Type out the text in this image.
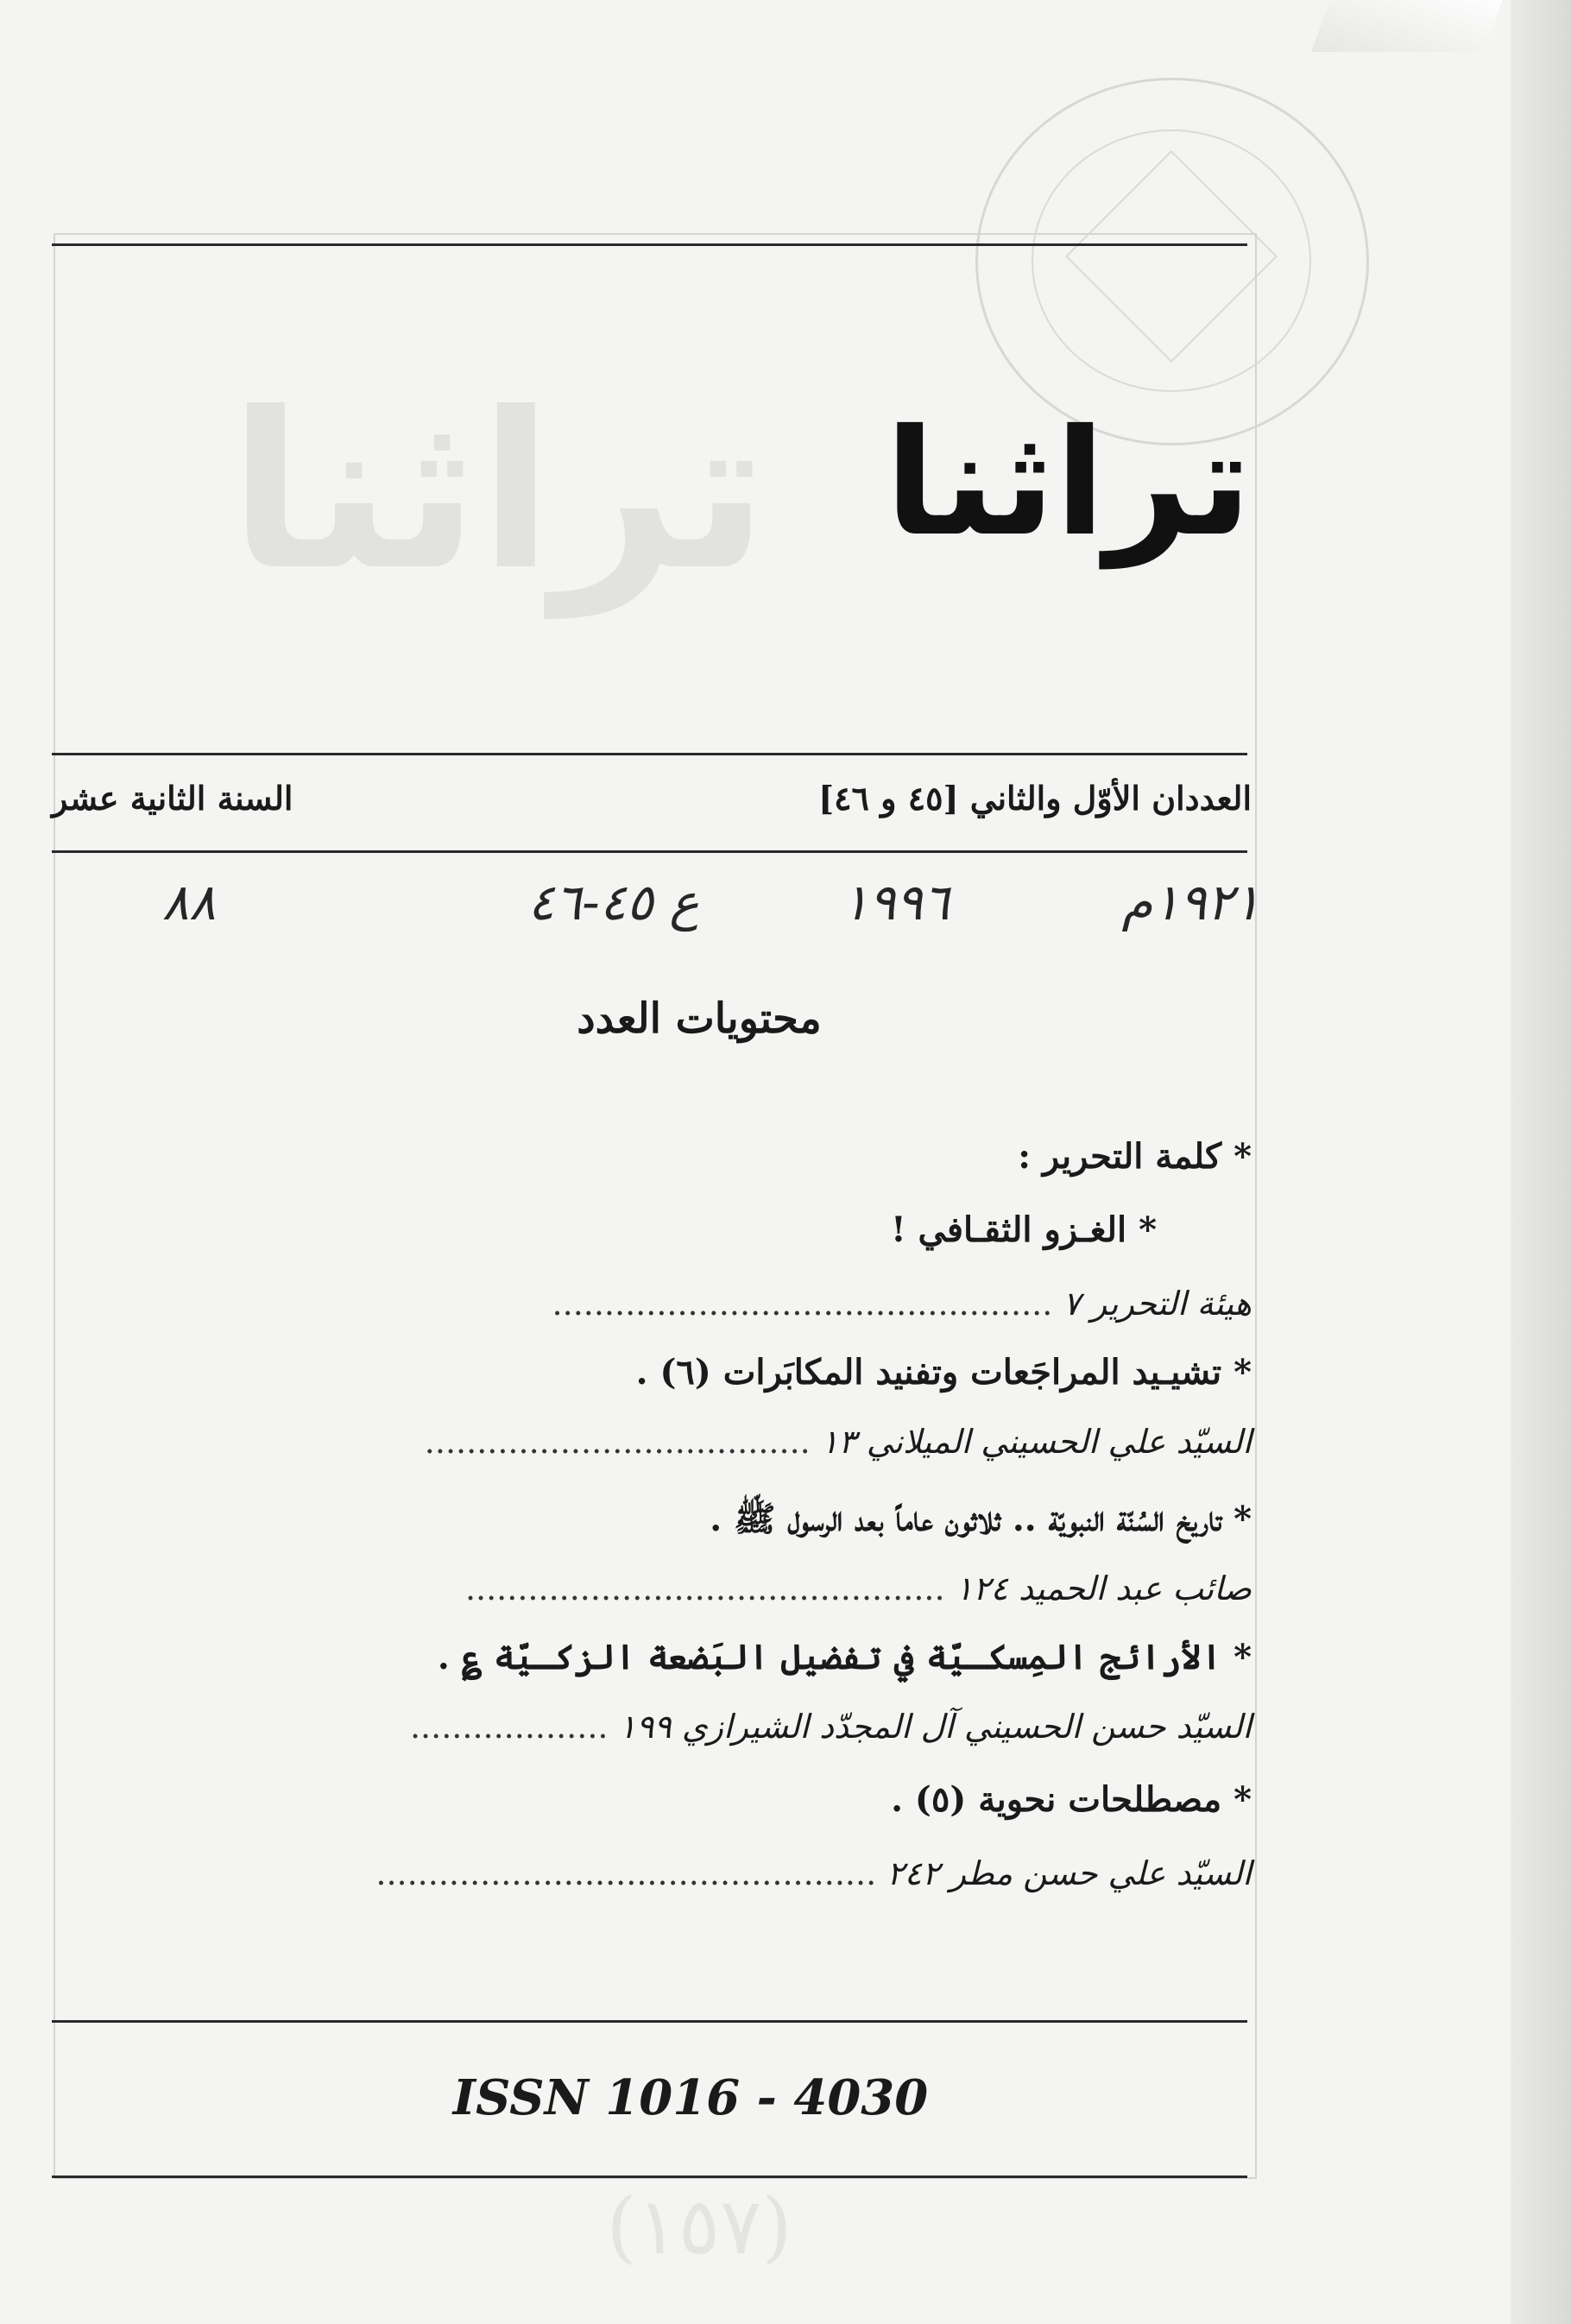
تراثنا
(١٥٧)
تراثنا
العددان الأوّل والثاني [٤٥ و ٤٦]
السنة الثانية عشر
١٩٢١م
١٩٩٦
ع ٤٥-٤٦
٨٨
محتويات العدد
* كلمة التحرير :
* الغـزو الثقـافي !
هيئة التحرير ٧ ................................................
* تشيـيد المراجَعات وتفنيد المكابَرات (٦) .
السيّد علي الحسيني الميلاني ١٣ .....................................
* تاريخ السُنّة النبويّة .. ثلاثون عاماً بعد الرسول ﷺ .
صائب عبد الحميد ١٢٤ ..............................................
* الأرائج المِسكـيّة في تفضيل البَضعة الزكـيّة ؏ .
السيّد حسن الحسيني آل المجدّد الشيرازي ١٩٩ ...................
* مصطلحات نحوية (٥) .
السيّد علي حسن مطر ٢٤٢ ................................................
ISSN 1016 - 4030
